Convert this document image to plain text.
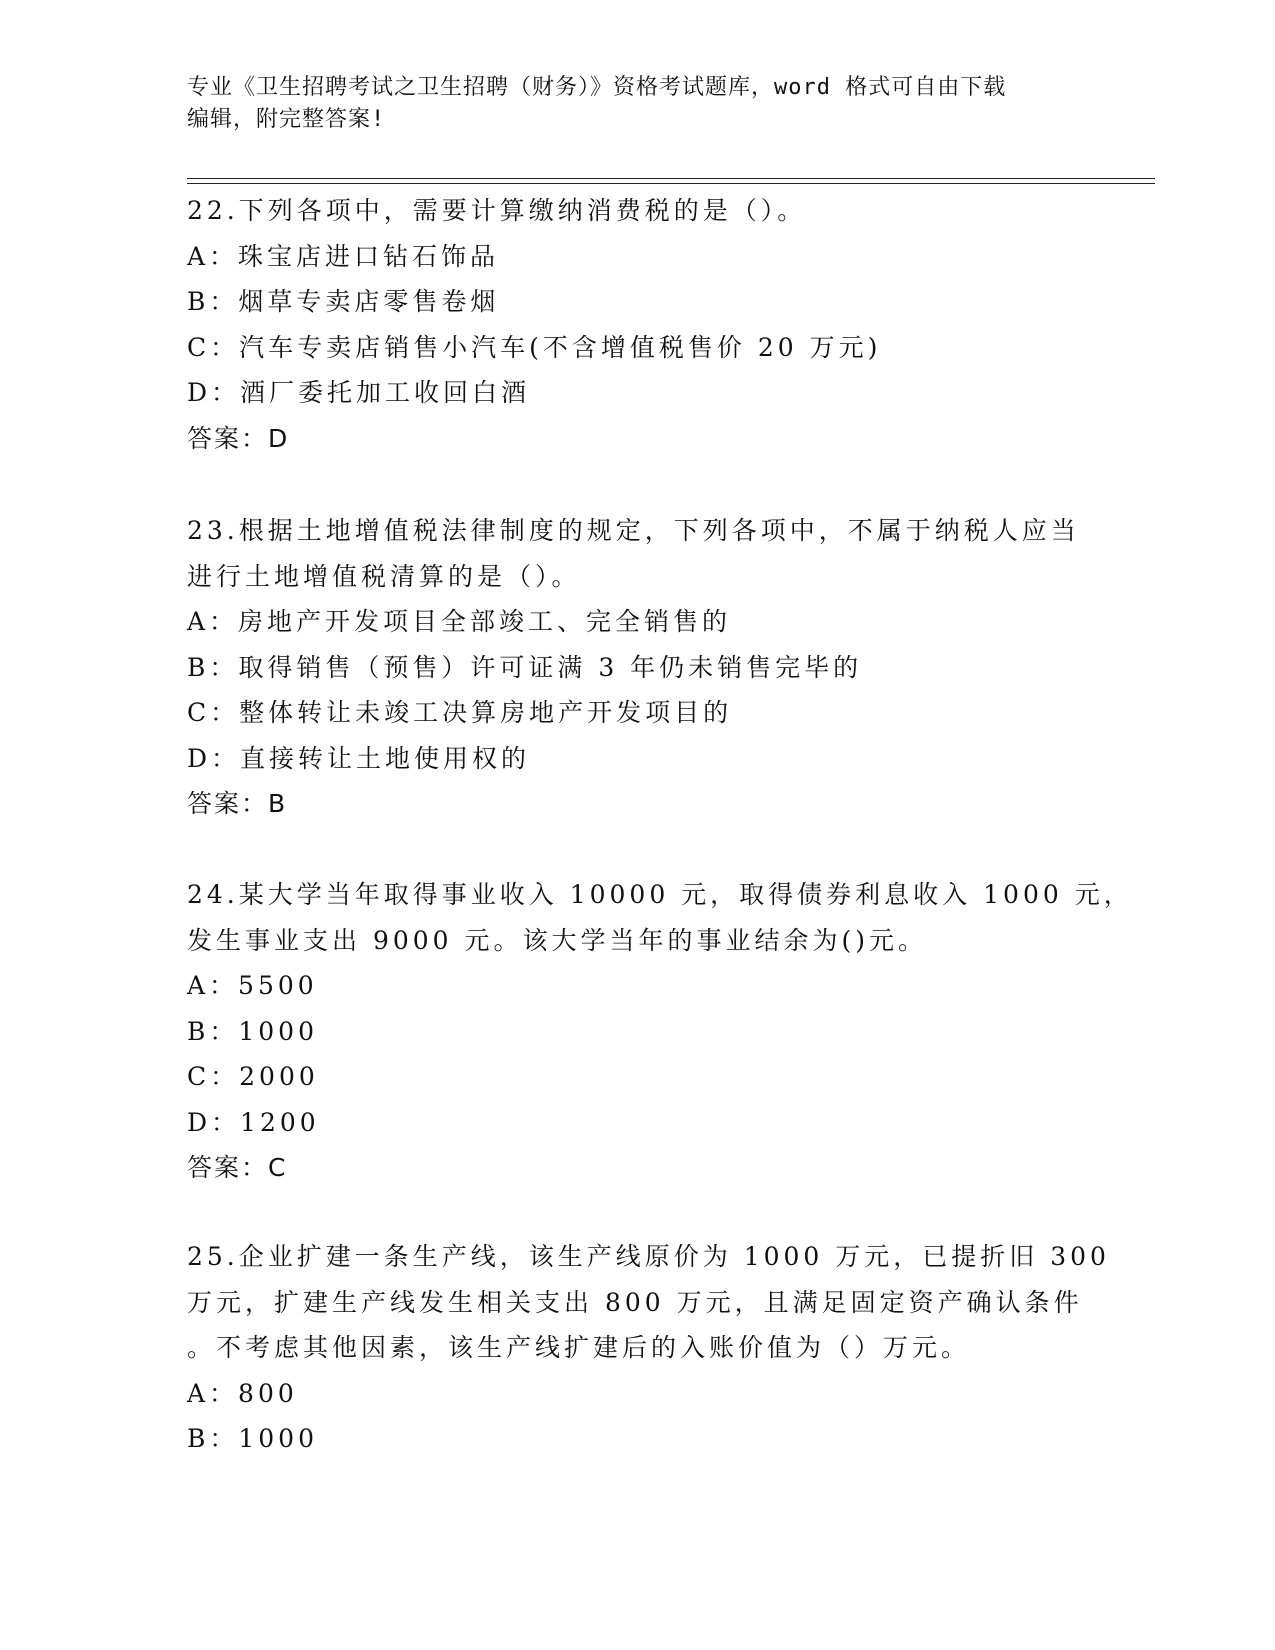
专业《卫生招聘考试之卫生招聘（财务）》资格考试题库，word 格式可自由下载
编辑，附完整答案!
22.下列各项中，需要计算缴纳消费税的是（）。
A：珠宝店进口钻石饰品
B：烟草专卖店零售卷烟
C：汽车专卖店销售小汽车(不含增值税售价 20 万元)
D：酒厂委托加工收回白酒
答案：D
23.根据土地增值税法律制度的规定，下列各项中，不属于纳税人应当
进行土地增值税清算的是（）。
A：房地产开发项目全部竣工、完全销售的
B：取得销售（预售）许可证满 3 年仍未销售完毕的
C：整体转让未竣工决算房地产开发项目的
D：直接转让土地使用权的
答案：B
24.某大学当年取得事业收入 10000 元，取得债券利息收入 1000 元，
发生事业支出 9000 元。该大学当年的事业结余为()元。
A：5500
B：1000
C：2000
D：1200
答案：C
25.企业扩建一条生产线，该生产线原价为 1000 万元，已提折旧 300
万元，扩建生产线发生相关支出 800 万元，且满足固定资产确认条件
。不考虑其他因素，该生产线扩建后的入账价值为（）万元。
A：800
B：1000
